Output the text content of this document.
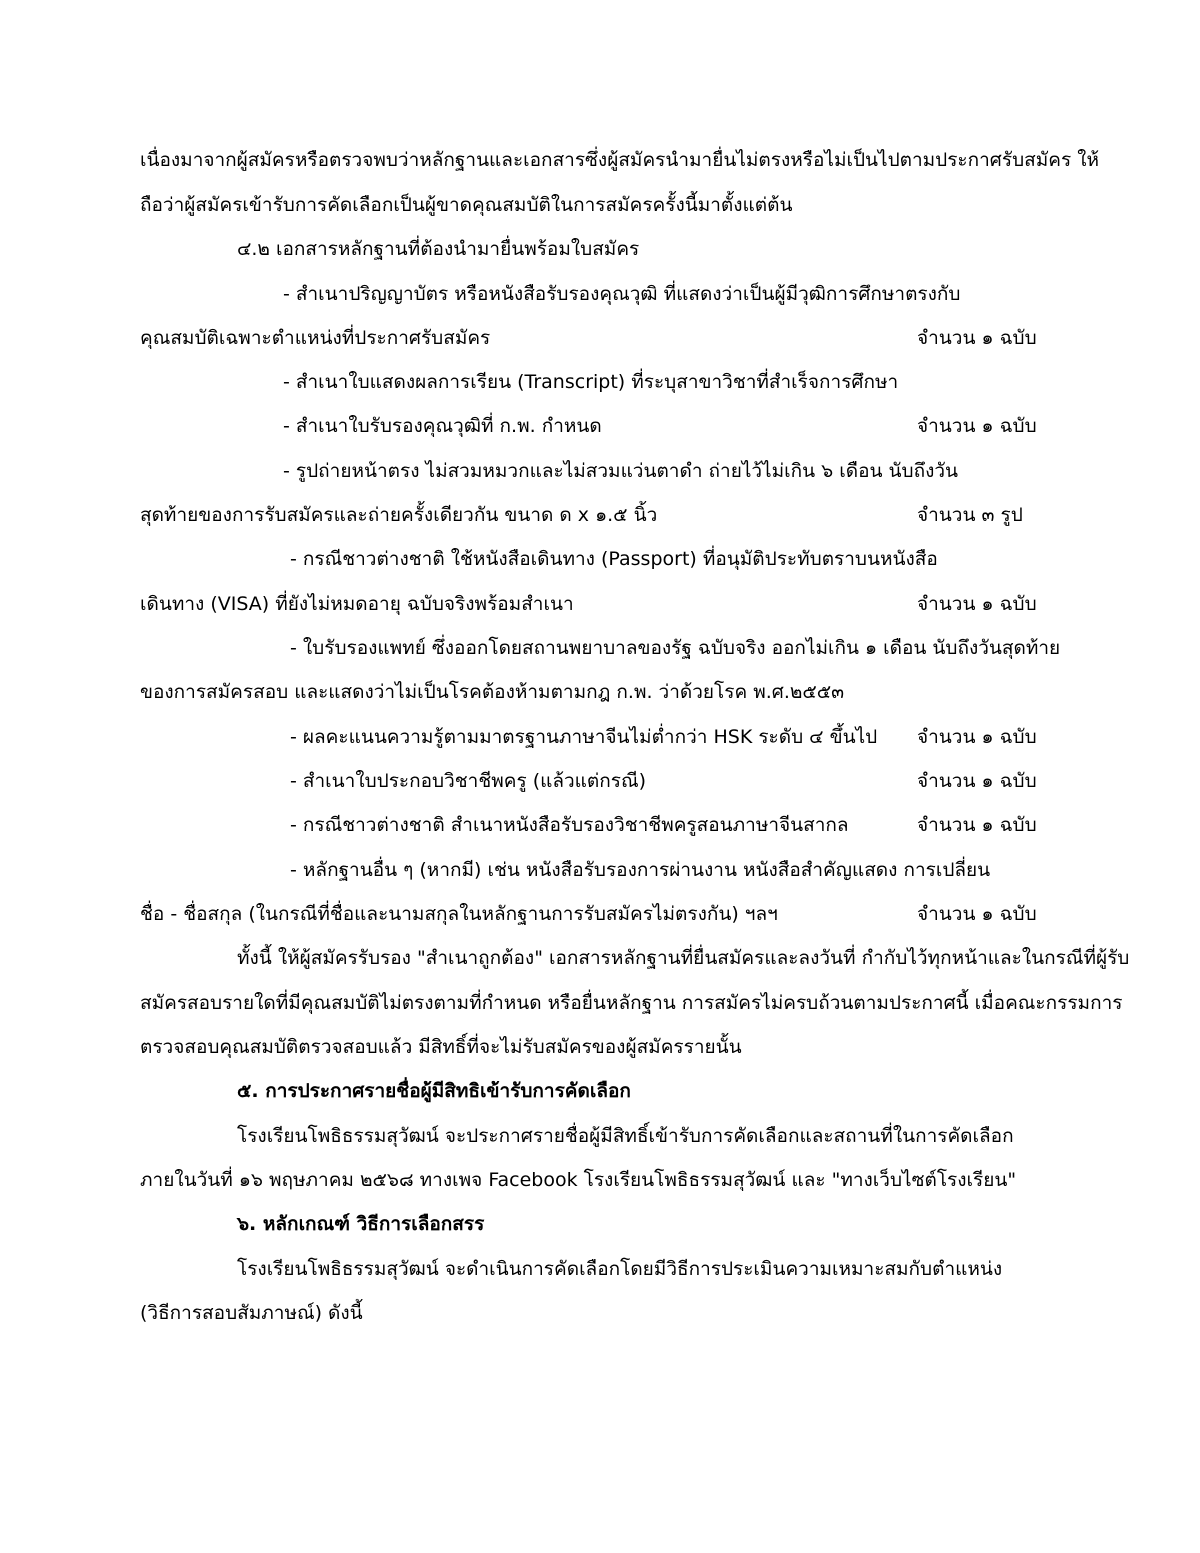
เนื่องมาจากผู้สมัครหรือตรวจพบว่าหลักฐานและเอกสารซึ่งผู้สมัครนำมายื่นไม่ตรงหรือไม่เป็นไปตามประกาศรับสมัคร ให้
ถือว่าผู้สมัครเข้ารับการคัดเลือกเป็นผู้ขาดคุณสมบัติในการสมัครครั้งนี้มาตั้งแต่ต้น
๔.๒ เอกสารหลักฐานที่ต้องนำมายื่นพร้อมใบสมัคร
- สำเนาปริญญาบัตร หรือหนังสือรับรองคุณวุฒิ ที่แสดงว่าเป็นผู้มีวุฒิการศึกษาตรงกับ
คุณสมบัติเฉพาะตำแหน่งที่ประกาศรับสมัคร	จำนวน ๑ ฉบับ
- สำเนาใบแสดงผลการเรียน (Transcript) ที่ระบุสาขาวิชาที่สำเร็จการศึกษา
- สำเนาใบรับรองคุณวุฒิที่ ก.พ. กำหนด	จำนวน ๑ ฉบับ
- รูปถ่ายหน้าตรง ไม่สวมหมวกและไม่สวมแว่นตาดำ ถ่ายไว้ไม่เกิน ๖ เดือน นับถึงวัน
สุดท้ายของการรับสมัครและถ่ายครั้งเดียวกัน ขนาด ด x ๑.๕ นิ้ว	จำนวน ๓ รูป
- กรณีชาวต่างชาติ ใช้หนังสือเดินทาง (Passport) ที่อนุมัติประทับตราบนหนังสือ
เดินทาง (VISA) ที่ยังไม่หมดอายุ ฉบับจริงพร้อมสำเนา	จำนวน ๑ ฉบับ
- ใบรับรองแพทย์ ซึ่งออกโดยสถานพยาบาลของรัฐ ฉบับจริง ออกไม่เกิน ๑ เดือน นับถึงวันสุดท้าย
ของการสมัครสอบ และแสดงว่าไม่เป็นโรคต้องห้ามตามกฎ ก.พ. ว่าด้วยโรค พ.ศ.๒๕๕๓
- ผลคะแนนความรู้ตามมาตรฐานภาษาจีนไม่ต่ำกว่า HSK ระดับ ๔ ขึ้นไป จำนวน ๑ ฉบับ
- สำเนาใบประกอบวิชาชีพครู (แล้วแต่กรณี)	จำนวน ๑ ฉบับ
- กรณีชาวต่างชาติ สำเนาหนังสือรับรองวิชาชีพครูสอนภาษาจีนสากล	จำนวน ๑ ฉบับ
- หลักฐานอื่น ๆ (หากมี) เช่น หนังสือรับรองการผ่านงาน หนังสือสำคัญแสดง การเปลี่ยน
ชื่อ - ชื่อสกุล (ในกรณีที่ชื่อและนามสกุลในหลักฐานการรับสมัครไม่ตรงกัน) ฯลฯ	จำนวน ๑ ฉบับ
ทั้งนี้ ให้ผู้สมัครรับรอง "สำเนาถูกต้อง" เอกสารหลักฐานที่ยื่นสมัครและลงวันที่ กำกับไว้ทุกหน้าและในกรณีที่ผู้รับ
สมัครสอบรายใดที่มีคุณสมบัติไม่ตรงตามที่กำหนด หรือยื่นหลักฐาน การสมัครไม่ครบถ้วนตามประกาศนี้ เมื่อคณะกรรมการ
ตรวจสอบคุณสมบัติตรวจสอบแล้ว มีสิทธิ์ที่จะไม่รับสมัครของผู้สมัครรายนั้น
๕. การประกาศรายชื่อผู้มีสิทธิเข้ารับการคัดเลือก
โรงเรียนโพธิธรรมสุวัฒน์ จะประกาศรายชื่อผู้มีสิทธิ์เข้ารับการคัดเลือกและสถานที่ในการคัดเลือก
ภายในวันที่ ๑๖ พฤษภาคม ๒๕๖๘ ทางเพจ Facebook โรงเรียนโพธิธรรมสุวัฒน์ และ "ทางเว็บไซต์โรงเรียน"
๖. หลักเกณฑ์ วิธีการเลือกสรร
โรงเรียนโพธิธรรมสุวัฒน์ จะดำเนินการคัดเลือกโดยมีวิธีการประเมินความเหมาะสมกับตำแหน่ง
(วิธีการสอบสัมภาษณ์) ดังนี้
